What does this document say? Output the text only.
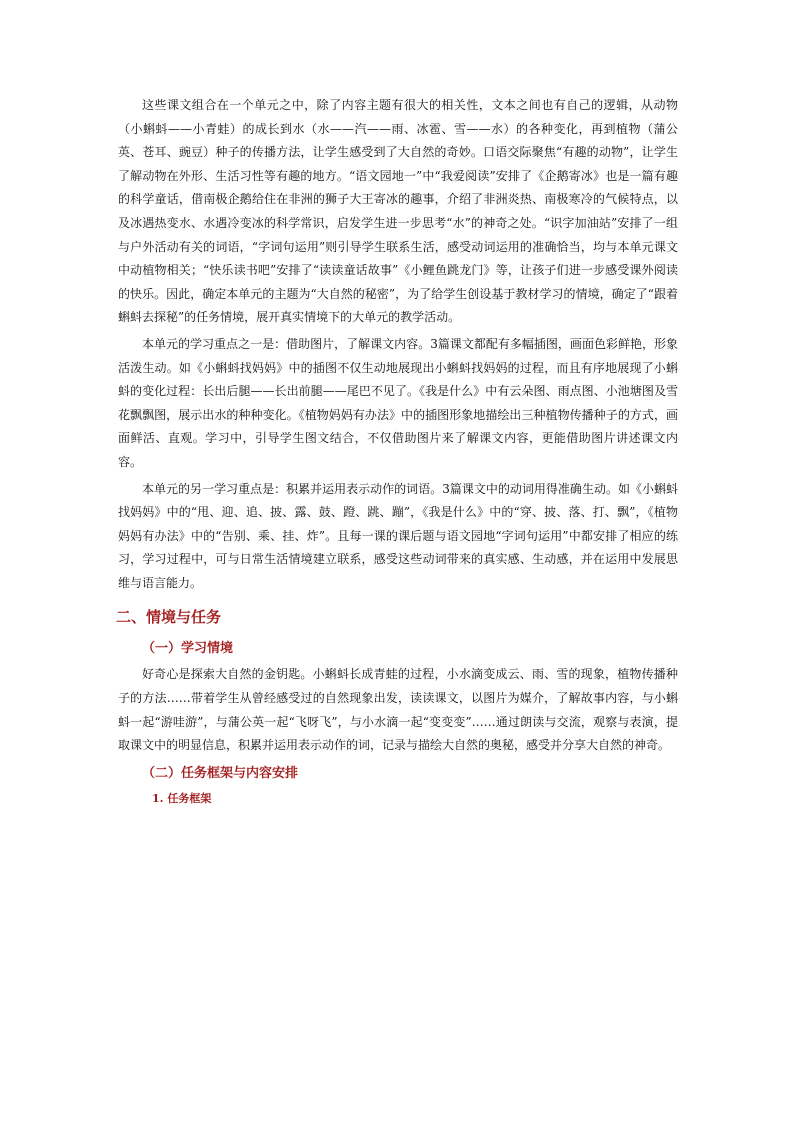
这些课文组合在一个单元之中，除了内容主题有很大的相关性，文本之间也有自己的逻辑，从动物（小蝌蚪——小青蛙）的成长到水（水——汽——雨、冰雹、雪——水）的各种变化，再到植物（蒲公英、苍耳、豌豆）种子的传播方法，让学生感受到了大自然的奇妙。口语交际聚焦“有趣的动物”，让学生了解动物在外形、生活习性等有趣的地方。“语文园地一”中“我爱阅读”安排了《企鹅寄冰》也是一篇有趣的科学童话，借南极企鹅给住在非洲的狮子大王寄冰的趣事，介绍了非洲炎热、南极寒冷的气候特点，以及冰遇热变水、水遇冷变冰的科学常识，启发学生进一步思考“水”的神奇之处。“识字加油站”安排了一组与户外活动有关的词语，“字词句运用”则引导学生联系生活，感受动词运用的准确恰当，均与本单元课文中动植物相关；“快乐读书吧”安排了“读读童话故事”《小鲤鱼跳龙门》等，让孩子们进一步感受课外阅读的快乐。因此，确定本单元的主题为“大自然的秘密”，为了给学生创设基于教材学习的情境，确定了“跟着蝌蚪去探秘”的任务情境，展开真实情境下的大单元的教学活动。

本单元的学习重点之一是：借助图片，了解课文内容。3篇课文都配有多幅插图，画面色彩鲜艳，形象活泼生动。如《小蝌蚪找妈妈》中的插图不仅生动地展现出小蝌蚪找妈妈的过程，而且有序地展现了小蝌蚪的变化过程：长出后腿——长出前腿——尾巴不见了。《我是什么》中有云朵图、雨点图、小池塘图及雪花飘飘图，展示出水的种种变化。《植物妈妈有办法》中的插图形象地描绘出三种植物传播种子的方式，画面鲜活、直观。学习中，引导学生图文结合，不仅借助图片来了解课文内容，更能借助图片讲述课文内容。

本单元的另一学习重点是：积累并运用表示动作的词语。3篇课文中的动词用得准确生动。如《小蝌蚪找妈妈》中的“甩、迎、追、披、露、鼓、蹬、跳、蹦”，《我是什么》中的“穿、披、落、打、飘”，《植物妈妈有办法》中的“告别、乘、挂、炸”。且每一课的课后题与语文园地“字词句运用”中都安排了相应的练习，学习过程中，可与日常生活情境建立联系，感受这些动词带来的真实感、生动感，并在运用中发展思维与语言能力。

二、情境与任务
（一）学习情境

好奇心是探索大自然的金钥匙。小蝌蚪长成青蛙的过程，小水滴变成云、雨、雪的现象，植物传播种子的方法……带着学生从曾经感受过的自然现象出发，读读课文，以图片为媒介，了解故事内容，与小蝌蚪一起“游哇游”，与蒲公英一起“飞呀飞”，与小水滴一起“变变变”……通过朗读与交流，观察与表演，提取课文中的明显信息，积累并运用表示动作的词，记录与描绘大自然的奥秘，感受并分享大自然的神奇。

（二）任务框架与内容安排
1. 任务框架
